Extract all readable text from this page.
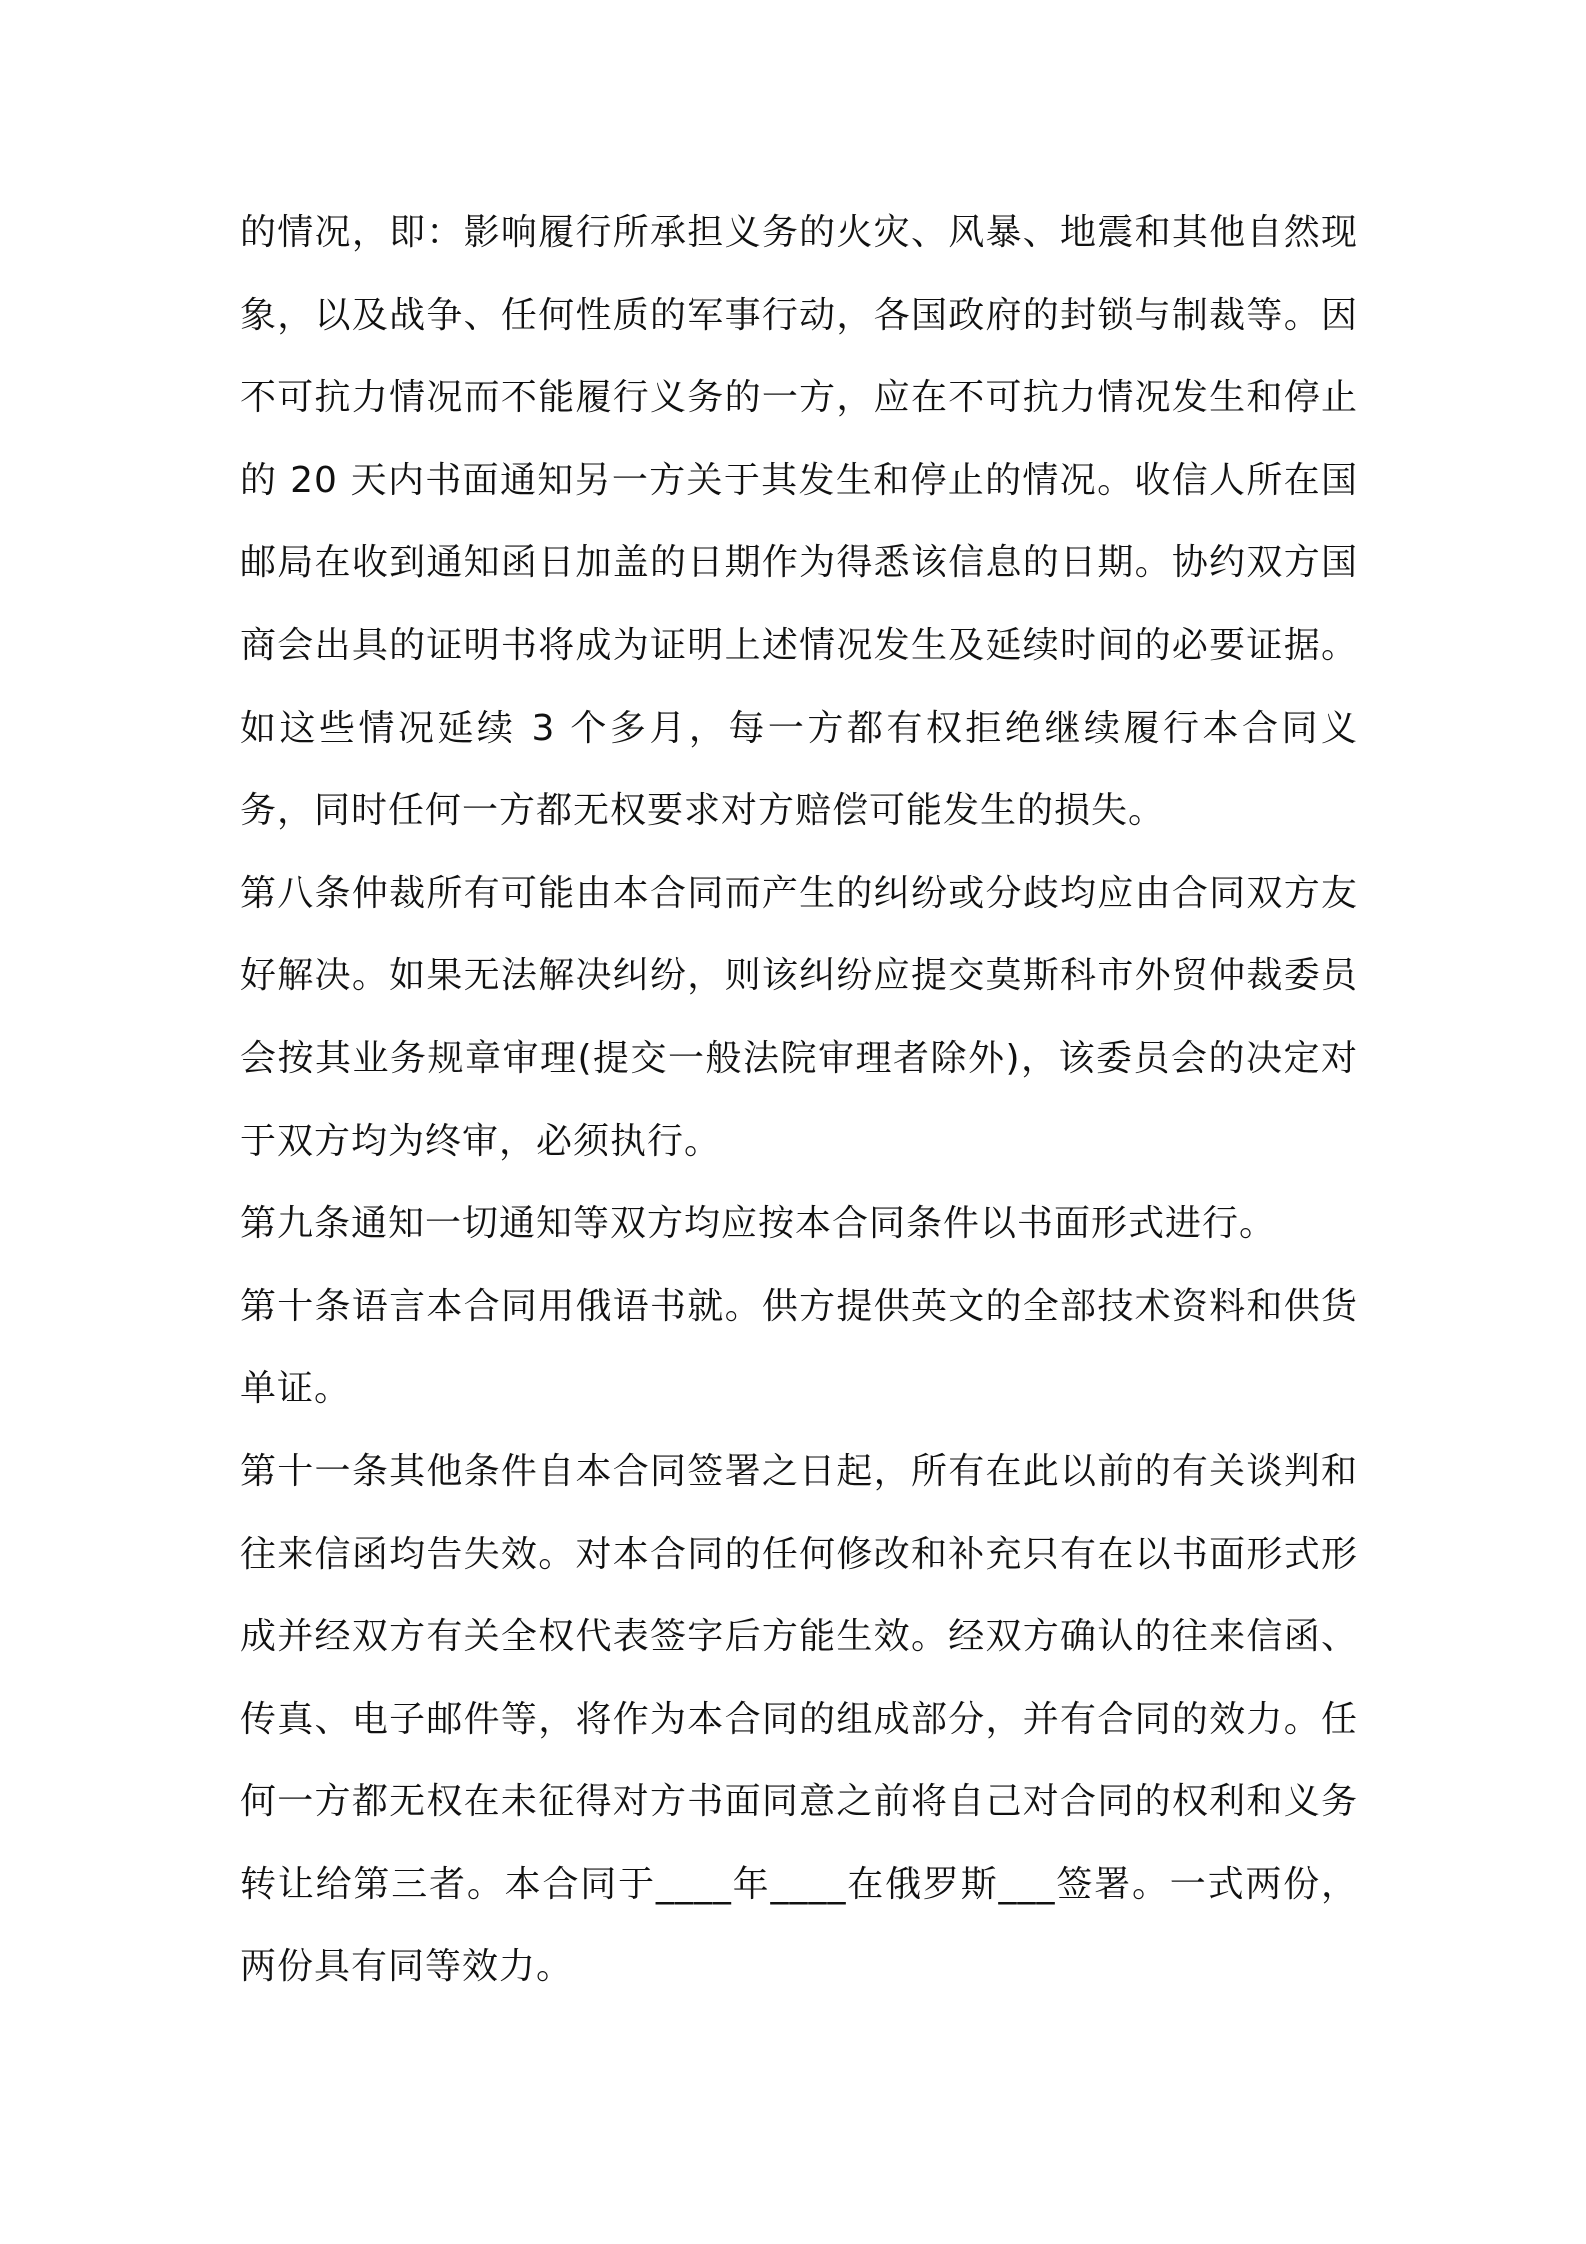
的情况，即：影响履行所承担义务的火灾、风暴、地震和其他自然现象，以及战争、任何性质的军事行动，各国政府的封锁与制裁等。因不可抗力情况而不能履行义务的一方，应在不可抗力情况发生和停止的 20 天内书面通知另一方关于其发生和停止的情况。收信人所在国邮局在收到通知函日加盖的日期作为得悉该信息的日期。协约双方国商会出具的证明书将成为证明上述情况发生及延续时间的必要证据。如这些情况延续 3 个多月，每一方都有权拒绝继续履行本合同义务，同时任何一方都无权要求对方赔偿可能发生的损失。

第八条仲裁所有可能由本合同而产生的纠纷或分歧均应由合同双方友好解决。如果无法解决纠纷，则该纠纷应提交莫斯科市外贸仲裁委员会按其业务规章审理(提交一般法院审理者除外)，该委员会的决定对于双方均为终审，必须执行。

第九条通知一切通知等双方均应按本合同条件以书面形式进行。

第十条语言本合同用俄语书就。供方提供英文的全部技术资料和供货单证。

第十一条其他条件自本合同签署之日起，所有在此以前的有关谈判和往来信函均告失效。对本合同的任何修改和补充只有在以书面形式形成并经双方有关全权代表签字后方能生效。经双方确认的往来信函、传真、电子邮件等，将作为本合同的组成部分，并有合同的效力。任何一方都无权在未征得对方书面同意之前将自己对合同的权利和义务转让给第三者。本合同于____年____在俄罗斯___签署。一式两份，两份具有同等效力。
